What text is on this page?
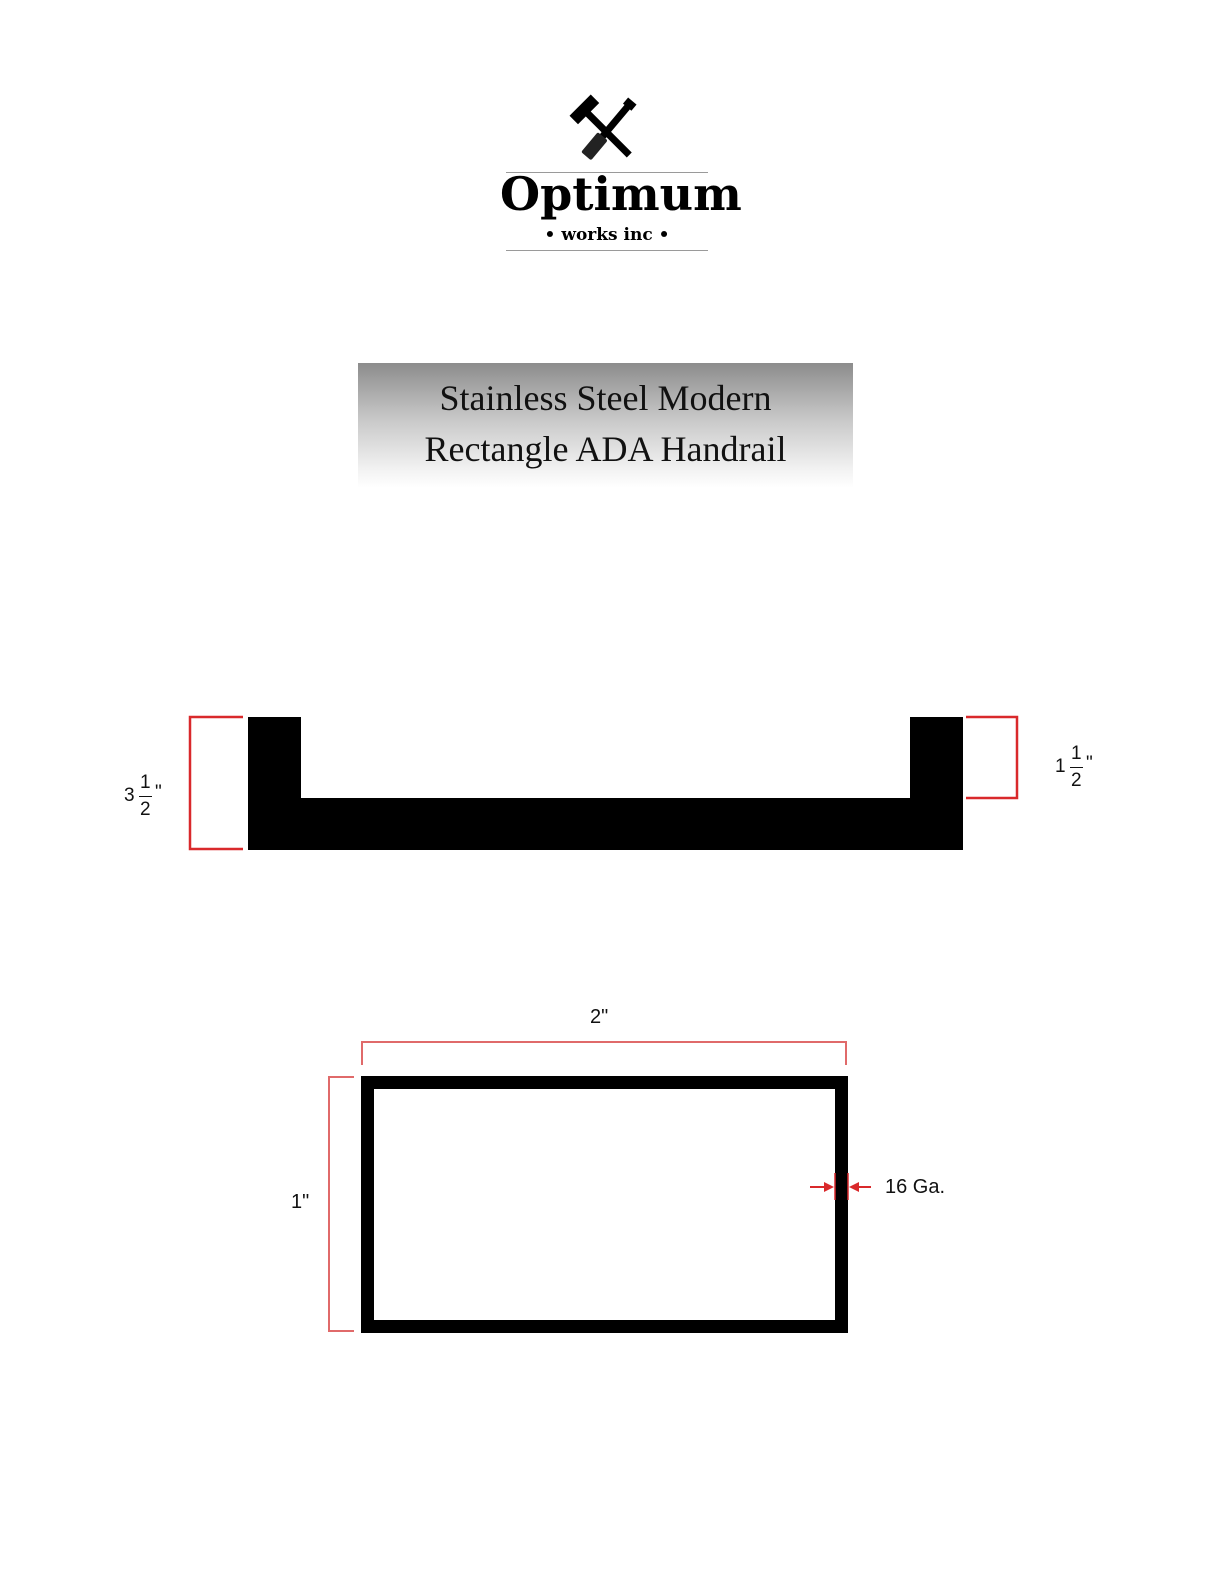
Optimum
• works inc •
Stainless Steel Modern
Rectangle ADA Handrail
3
1
2
"
1
1
2
"
2"
1"
16 Ga.
